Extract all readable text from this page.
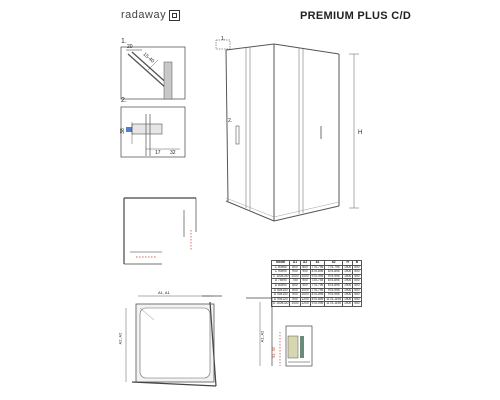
radaway	PREMIUM PLUS C/D
1.
20
15-40
2.
38
17 32
1.
2.
H
Model	A1	A2	a1	a2	H	B
C 80x80	800	800	775-795	775-795	1900	500
C 90x90	900	900	875-895	875-895	1900	500
C 100x100	1000	1000	975-995	975-995	1900	550
D 75x90	750	900	725-745	875-895	1900	500
D 80x90	800	900	775-795	875-895	1900	500
D 80x100	800	1000	775-795	975-995	1900	500
D 90x100	900	1000	875-895	975-995	1900	550
D 90x120	900	1200	875-895	1175-1195	1900	550
D 100x120	1000	1200	975-995	1175-1195	1900	550
A1, A1
A2, A2	A1, A2
31, 32
